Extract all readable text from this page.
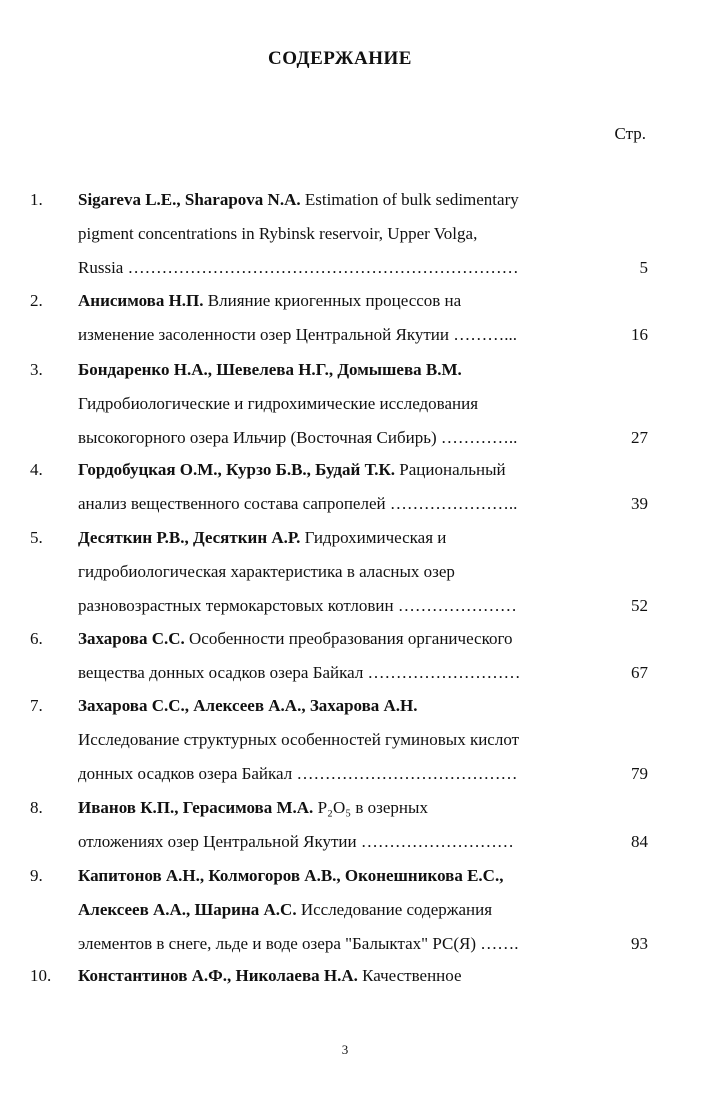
СОДЕРЖАНИЕ
Стр.
1. Sigareva L.E., Sharapova N.A. Estimation of bulk sedimentary
pigment concentrations in Rybinsk reservoir, Upper Volga,
Russia ……………………………………………………………	5
2. Анисимова Н.П. Влияние криогенных процессов на
изменение засоленности озер Центральной Якутии ………...	16
3. Бондаренко Н.А., Шевелева Н.Г., Домышева В.М.
Гидробиологические и гидрохимические исследования
высокогорного озера Ильчир (Восточная Сибирь) …………..	27
4. Гордобуцкая О.М., Курзо Б.В., Будай Т.К. Рациональный
анализ вещественного состава сапропелей …………………..	39
5. Десяткин Р.В., Десяткин А.Р. Гидрохимическая и
гидробиологическая характеристика в аласных озер
разновозрастных термокарстовых котловин …………………	52
6. Захарова С.С. Особенности преобразования органического
вещества донных осадков озера Байкал ………………………	67
7. Захарова С.С., Алексеев А.А., Захарова А.Н.
Исследование структурных особенностей гуминовых кислот
донных осадков озера Байкал …………………………………	79
8. Иванов К.П., Герасимова М.А. P₂O₅ в озерных
отложениях озер Центральной Якутии ………………………	84
9. Капитонов А.Н., Колмогоров А.В., Оконешникова Е.С.,
Алексеев А.А., Шарина А.С. Исследование содержания
элементов в снеге, льде и воде озера "Балыктах" РС(Я) …….	93
10. Константинов А.Ф., Николаева Н.А. Качественное
3
